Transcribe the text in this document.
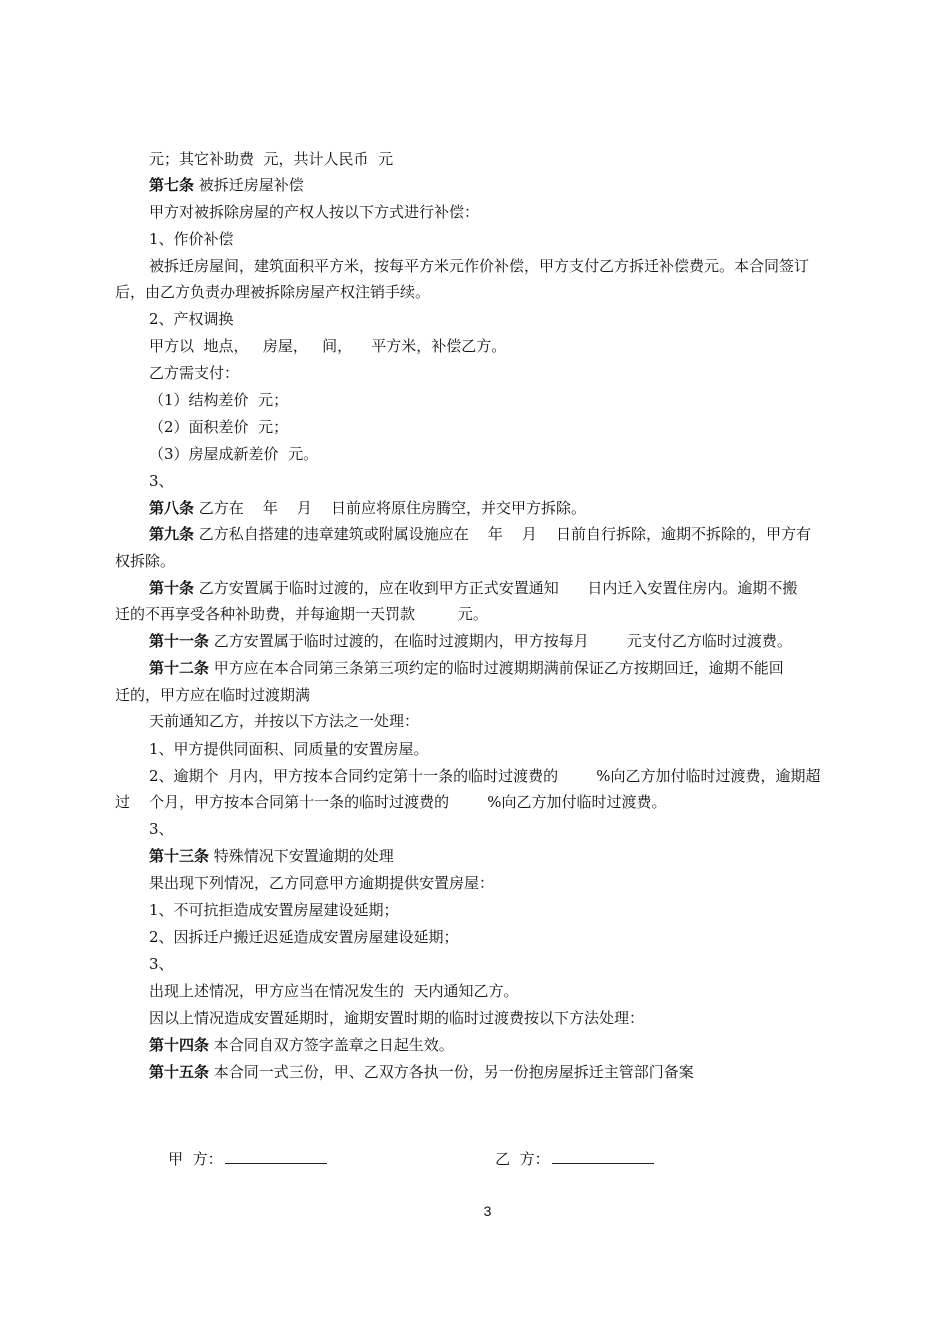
元；其它补助费  元，共计人民币  元
第七条 被拆迁房屋补偿
甲方对被拆除房屋的产权人按以下方式进行补偿：
1、作价补偿
被拆迁房屋间，建筑面积平方米，按每平方米元作价补偿，甲方支付乙方拆迁补偿费元。本合同签订
后，由乙方负责办理被拆除房屋产权注销手续。
2、产权调换
甲方以  地点，   房屋，   间，    平方米，补偿乙方。
乙方需支付：
（1）结构差价  元；
（2）面积差价  元；
（3）房屋成新差价  元。
3、
第八条 乙方在    年    月    日前应将原住房腾空，并交甲方拆除。
第九条 乙方私自搭建的违章建筑或附属设施应在    年    月    日前自行拆除，逾期不拆除的，甲方有
权拆除。
第十条 乙方安置属于临时过渡的，应在收到甲方正式安置通知      日内迁入安置住房内。逾期不搬
迁的不再享受各种补助费，并每逾期一天罚款         元。
第十一条 乙方安置属于临时过渡的，在临时过渡期内，甲方按每月        元支付乙方临时过渡费。
第十二条 甲方应在本合同第三条第三项约定的临时过渡期期满前保证乙方按期回迁，逾期不能回
迁的，甲方应在临时过渡期满
天前通知乙方，并按以下方法之一处理：
1、甲方提供同面积、同质量的安置房屋。
2、逾期个  月内，甲方按本合同约定第十一条的临时过渡费的        %向乙方加付临时过渡费，逾期超
过    个月，甲方按本合同第十一条的临时过渡费的        %向乙方加付临时过渡费。
3、
第十三条 特殊情况下安置逾期的处理
果出现下列情况，乙方同意甲方逾期提供安置房屋：
1、不可抗拒造成安置房屋建设延期；
2、因拆迁户搬迁迟延造成安置房屋建设延期；
3、
出现上述情况，甲方应当在情况发生的  天内通知乙方。
因以上情况造成安置延期时，逾期安置时期的临时过渡费按以下方法处理：
第十四条 本合同自双方签字盖章之日起生效。
第十五条 本合同一式三份，甲、乙双方各执一份，另一份抱房屋拆迁主管部门备案

甲  方：
	乙  方：

3
